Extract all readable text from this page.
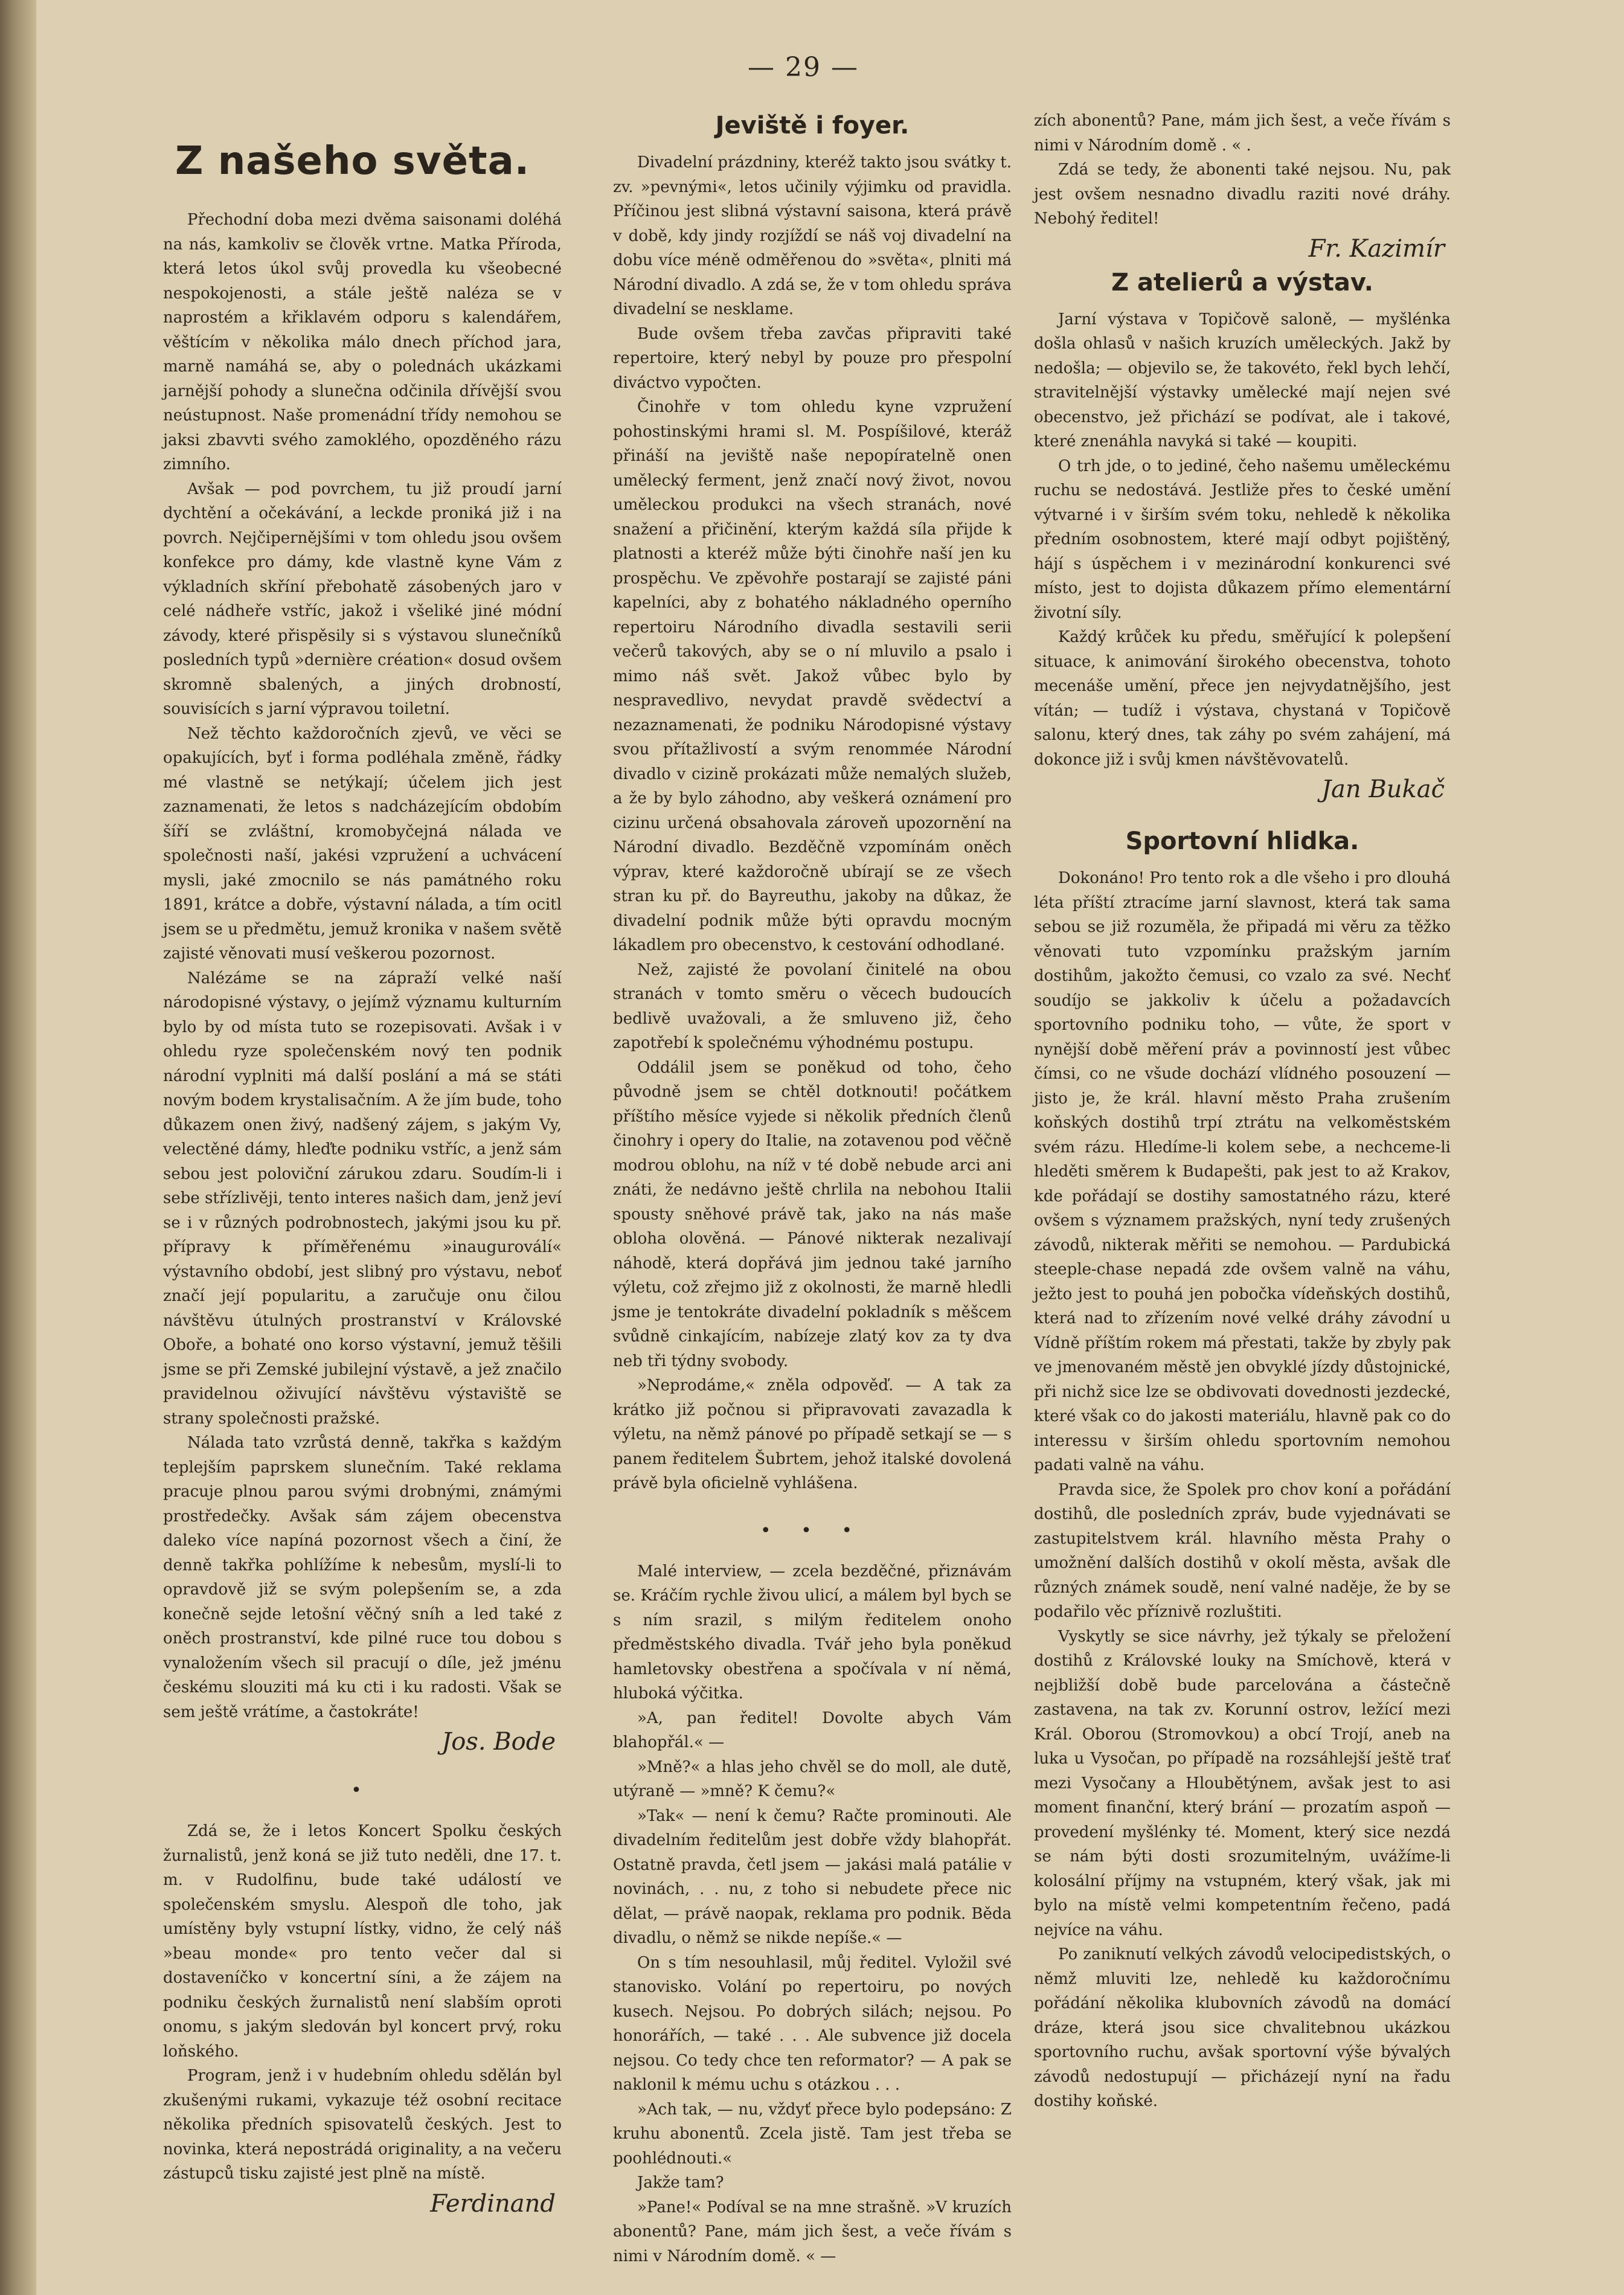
— 29 —
Z našeho světa.

Přechodní doba mezi dvěma saisonami doléhá na nás, kamkoliv se člověk vrtne. Matka Příroda, která letos úkol svůj provedla ku všeobecné nespokojenosti, a stále ještě naléza se v naprostém a křiklavém odporu s kalendářem, věštícím v několika málo dnech příchod jara, marně namáhá se, aby o polednách ukázkami jarnější pohody a slunečna odčinila dřívější svou neústupnost. Naše promenádní třídy nemohou se jaksi zbavvti svého zamoklého, opozděného rázu zimního.

Avšak — pod povrchem, tu již proudí jarní dychtění a očekávání, a leckde proniká již i na povrch. Nejčipernějšími v tom ohledu jsou ovšem konfekce pro dámy, kde vlastně kyne Vám z výkladních skříní přebohatě zásobených jaro v celé nádheře vstříc, jakož i všeliké jiné módní závody, které přispěsily si s výstavou slunečníků posledních typů »dernière création« dosud ovšem skromně sbalených, a jiných drobností, souvisících s jarní výpravou toiletní.

Než těchto každoročních zjevů, ve věci se opakujících, byť i forma podléhala změně, řádky mé vlastně se netýkají; účelem jich jest zaznamenati, že letos s nadcházejícím obdobím šíří se zvláštní, kromobyčejná nálada ve společnosti naší, jakési vzpružení a uchvácení mysli, jaké zmocnilo se nás památného roku 1891, krátce a dobře, výstavní nálada, a tím ocitl jsem se u předmětu, jemuž kronika v našem světě zajisté věnovati musí veškerou pozornost.

Nalézáme se na zápraží velké naší národopisné výstavy, o jejímž významu kulturním bylo by od místa tuto se rozepisovati. Avšak i v ohledu ryze společenském nový ten podnik národní vyplniti má další poslání a má se státi novým bodem krystalisačním. A že jím bude, toho důkazem onen živý, nadšený zájem, s jakým Vy, velectěné dámy, hleďte podniku vstříc, a jenž sám sebou jest poloviční zárukou zdaru. Soudím-li i sebe střízlivěji, tento interes našich dam, jenž jeví se i v různých podrobnostech, jakými jsou ku př. přípravy k příměřenému »inauguroválí« výstavního období, jest slibný pro výstavu, neboť značí její popularitu, a zaručuje onu čilou návštěvu útulných prostranství v Královské Oboře, a bohaté ono korso výstavní, jemuž těšili jsme se při Zemské jubilejní výstavě, a jež značilo pravidelnou oživující návštěvu výstaviště se strany společnosti pražské.

Nálada tato vzrůstá denně, takřka s každým teplejším paprskem slunečním. Také reklama pracuje plnou parou svými drobnými, známými prostředečky. Avšak sám zájem obecenstva daleko více napíná pozornost všech a činí, že denně takřka pohlížíme k nebesům, myslí-li to opravdově již se svým polepšením se, a zda konečně sejde letošní věčný sníh a led také z oněch prostranství, kde pilné ruce tou dobou s vynaložením všech sil pracují o díle, jež jménu českému slouziti má ku cti i ku radosti. Však se sem ještě vrátíme, a častokráte!

Jos. Bode
•

Zdá se, že i letos Koncert Spolku českých žurnalistů, jenž koná se již tuto neděli, dne 17. t. m. v Rudolfinu, bude také událostí ve společenském smyslu. Alespoň dle toho, jak umístěny byly vstupní lístky, vidno, že celý náš »beau monde« pro tento večer dal si dostaveníčko v koncertní síni, a že zájem na podniku českých žurnalistů není slabším oproti onomu, s jakým sledován byl koncert prvý, roku loňského.

Program, jenž i v hudebním ohledu sdělán byl zkušenými rukami, vykazuje též osobní recitace několika předních spisovatelů českých. Jest to novinka, která nepostrádá originality, a na večeru zástupců tisku zajisté jest plně na místě.

Ferdinand
Jeviště i foyer.

Divadelní prázdniny, kteréž takto jsou svátky t. zv. »pevnými«, letos učinily výjimku od pravidla. Příčinou jest slibná výstavní saisona, která právě v době, kdy jindy rozjíždí se náš voj divadelní na dobu více méně odměřenou do »světa«, plniti má Národní divadlo. A zdá se, že v tom ohledu správa divadelní se nesklame.

Bude ovšem třeba zavčas připraviti také repertoire, který nebyl by pouze pro přespolní diváctvo vypočten.

Činohře v tom ohledu kyne vzpružení pohostinskými hrami sl. M. Pospíšilové, kteráž přináší na jeviště naše nepopíratelně onen umělecký ferment, jenž značí nový život, novou uměleckou produkci na všech stranách, nové snažení a přičinění, kterým každá síla přijde k platnosti a kteréž může býti činohře naší jen ku prospěchu. Ve zpěvohře postarají se zajisté páni kapelníci, aby z bohatého nákladného operního repertoiru Národního divadla sestavili serii večerů takových, aby se o ní mluvilo a psalo i mimo náš svět. Jakož vůbec bylo by nespravedlivo, nevydat pravdě svědectví a nezaznamenati, že podniku Národopisné výstavy svou přítažlivostí a svým renommée Národní divadlo v cizině prokázati může nemalých služeb, a že by bylo záhodno, aby veškerá oznámení pro cizinu určená obsahovala zároveň upozornění na Národní divadlo. Bezděčně vzpomínám oněch výprav, které každoročně ubírají se ze všech stran ku př. do Bayreuthu, jakoby na důkaz, že divadelní podnik může býti opravdu mocným lákadlem pro obecenstvo, k cestování odhodlané.

Než, zajisté že povolaní činitelé na obou stranách v tomto směru o věcech budoucích bedlivě uvažovali, a že smluveno již, čeho zapotřebí k společnému výhodnému postupu.

Oddálil jsem se poněkud od toho, čeho původně jsem se chtěl dotknouti! počátkem příštího měsíce vyjede si několik předních členů činohry i opery do Italie, na zotavenou pod věčně modrou oblohu, na níž v té době nebude arci ani znáti, že nedávno ještě chrlila na nebohou Italii spousty sněhové právě tak, jako na nás maše obloha olověná. — Pánové nikterak nezalivají náhodě, která dopřává jim jednou také jarního výletu, což zřejmo již z okolnosti, že marně hledli jsme je tentokráte divadelní pokladník s měšcem svůdně cinkajícím, nabízeje zlatý kov za ty dva neb tři týdny svobody.

»Neprodáme,« zněla odpověď. — A tak za krátko již počnou si připravovati zavazadla k výletu, na němž pánové po případě setkají se — s panem ředitelem Šubrtem, jehož italské dovolená právě byla oficielně vyhlášena.

• • •

Malé interview, — zcela bezděčné, přiznávám se. Kráčím rychle živou ulicí, a málem byl bych se s ním srazil, s milým ředitelem onoho předměstského divadla. Tvář jeho byla poněkud hamletovsky obestřena a spočívala v ní němá, hluboká výčitka.

»A, pan ředitel! Dovolte abych Vám blahopřál.« —

»Mně?« a hlas jeho chvěl se do moll, ale dutě, utýraně — »mně? K čemu?«

»Tak« — není k čemu? Račte prominouti. Ale divadelním ředitelům jest dobře vždy blahopřát. Ostatně pravda, četl jsem — jakási malá patálie v novinách, . . nu, z toho si nebudete přece nic dělat, — právě naopak, reklama pro podnik. Běda divadlu, o němž se nikde nepíše.« —

On s tím nesouhlasil, můj ředitel. Vyložil své stanovisko. Volání po repertoiru, po nových kusech. Nejsou. Po dobrých silách; nejsou. Po honorářích, — také . . . Ale subvence již docela nejsou. Co tedy chce ten reformator? — A pak se naklonil k mému uchu s otázkou . . .

»Ach tak, — nu, vždyť přece bylo podepsáno: Z kruhu abonentů. Zcela jistě. Tam jest třeba se poohlédnouti.«

Jakže tam?

»Pane!« Podíval se na mne strašně. »V kruzích abonentů? Pane, mám jich šest, a veče řívám s nimi v Národním domě. « —

zích abonentů? Pane, mám jich šest, a veče řívám s nimi v Národním domě . « .

Zdá se tedy, že abonenti také nejsou. Nu, pak jest ovšem nesnadno divadlu raziti nové dráhy. Nebohý ředitel!

Fr. Kazimír
Z atelierů a výstav.

Jarní výstava v Topičově saloně, — myšlénka došla ohlasů v našich kruzích uměleckých. Jakž by nedošla; — objevilo se, že takovéto, řekl bych lehčí, stravitelnější výstavky umělecké mají nejen své obecenstvo, jež přichází se podívat, ale i takové, které znenáhla navyká si také — koupiti.

O trh jde, o to jediné, čeho našemu uměleckému ruchu se nedostává. Jestliže přes to české umění výtvarné i v širším svém toku, nehledě k několika předním osobnostem, které mají odbyt pojištěný, hájí s úspěchem i v mezinárodní konkurenci své místo, jest to dojista důkazem přímo elementární životní síly.

Každý krůček ku předu, směřující k polepšení situace, k animování širokého obecenstva, tohoto mecenáše umění, přece jen nejvydatnějšího, jest vítán; — tudíž i výstava, chystaná v Topičově salonu, který dnes, tak záhy po svém zahájení, má dokonce již i svůj kmen návštěvovatelů.

Jan Bukač
Sportovní hlidka.

Dokonáno! Pro tento rok a dle všeho i pro dlouhá léta příští ztracíme jarní slavnost, která tak sama sebou se již rozuměla, že připadá mi věru za těžko věnovati tuto vzpomínku pražským jarním dostihům, jakožto čemusi, co vzalo za své. Nechť soudíjo se jakkoliv k účelu a požadavcích sportovního podniku toho, — vůte, že sport v nynější době měření práv a povinností jest vůbec čímsi, co ne všude dochází vlídného posouzení — jisto je, že král. hlavní město Praha zrušením koňských dostihů trpí ztrátu na velkoměstském svém rázu. Hledíme-li kolem sebe, a nechceme-li hleděti směrem k Budapešti, pak jest to až Krakov, kde pořádají se dostihy samostatného rázu, které ovšem s významem pražských, nyní tedy zrušených závodů, nikterak měřiti se nemohou. — Pardubická steeple-chase nepadá zde ovšem valně na váhu, ježto jest to pouhá jen pobočka vídeňských dostihů, která nad to zřízením nové velké dráhy závodní u Vídně příštím rokem má přestati, takže by zbyly pak ve jmenovaném městě jen obvyklé jízdy důstojnické, při nichž sice lze se obdivovati dovednosti jezdecké, které však co do jakosti materiálu, hlavně pak co do interessu v širším ohledu sportovním nemohou padati valně na váhu.

Pravda sice, že Spolek pro chov koní a pořádání dostihů, dle posledních zpráv, bude vyjednávati se zastupitelstvem král. hlavního města Prahy o umožnění dalších dostihů v okolí města, avšak dle různých známek soudě, není valné naděje, že by se podařilo věc příznivě rozluštiti.

Vyskytly se sice návrhy, jež týkaly se přeložení dostihů z Královské louky na Smíchově, která v nejbližší době bude parcelována a částečně zastavena, na tak zv. Korunní ostrov, ležící mezi Král. Oborou (Stromovkou) a obcí Trojí, aneb na luka u Vysočan, po případě na rozsáhlejší ještě trať mezi Vysočany a Hloubětýnem, avšak jest to asi moment finanční, který brání — prozatím aspoň — provedení myšlénky té. Moment, který sice nezdá se nám býti dosti srozumitelným, uvážíme-li kolosální příjmy na vstupném, který však, jak mi bylo na místě velmi kompetentním řečeno, padá nejvíce na váhu.

Po zaniknutí velkých závodů velocipedistských, o němž mluviti lze, nehledě ku každoročnímu pořádání několika klubovních závodů na domácí dráze, která jsou sice chvalitebnou ukázkou sportovního ruchu, avšak sportovní výše bývalých závodů nedostupují — přicházejí nyní na řadu dostihy koňské.
